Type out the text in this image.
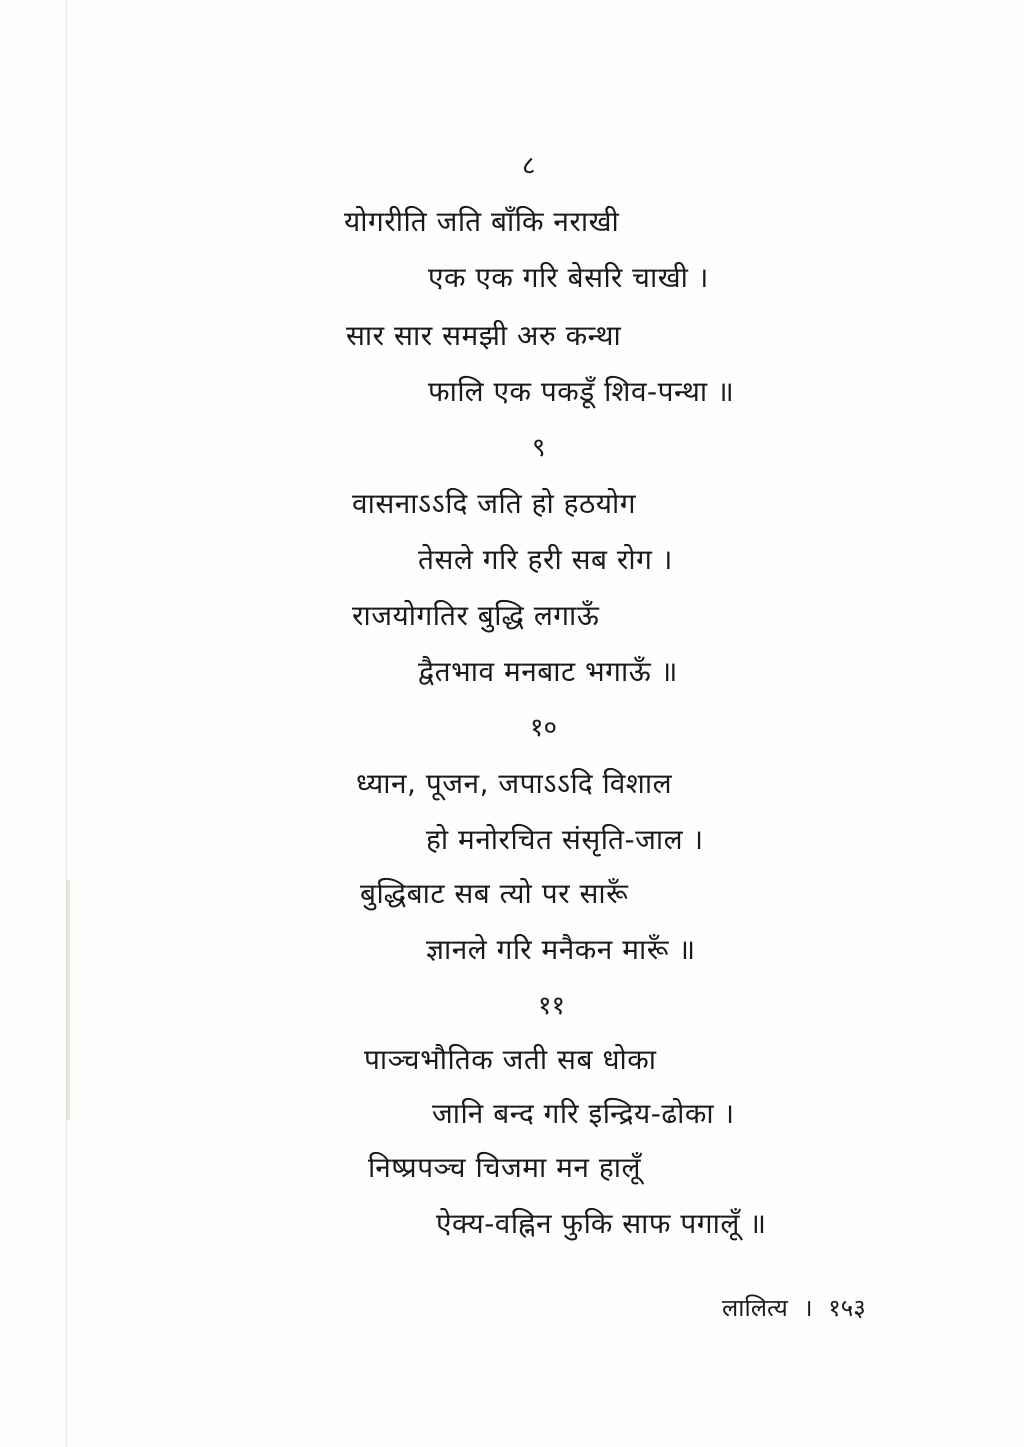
८
योगरीति जति बाँकि नराखी
एक एक गरि बेसरि चाखी ।
सार सार समझी अरु कन्था
फालि एक पकडूँ शिव-पन्था ॥
९
वासनाऽऽदि जति हो हठयोग
तेसले गरि हरी सब रोग ।
राजयोगतिर बुद्धि लगाऊँ
द्वैतभाव मनबाट भगाऊँ ॥
१०
ध्यान, पूजन, जपाऽऽदि विशाल
हो मनोरचित संसृति-जाल ।
बुद्धिबाट सब त्यो पर सारूँ
ज्ञानले गरि मनैकन मारूँ ॥
११
पाञ्चभौतिक जती सब धोका
जानि बन्द गरि इन्द्रिय-ढोका ।
निष्प्रपञ्च चिजमा मन हालूँ
ऐक्य-वह्निन फुकि साफ पगालूँ ॥
लालित्य । १५३
